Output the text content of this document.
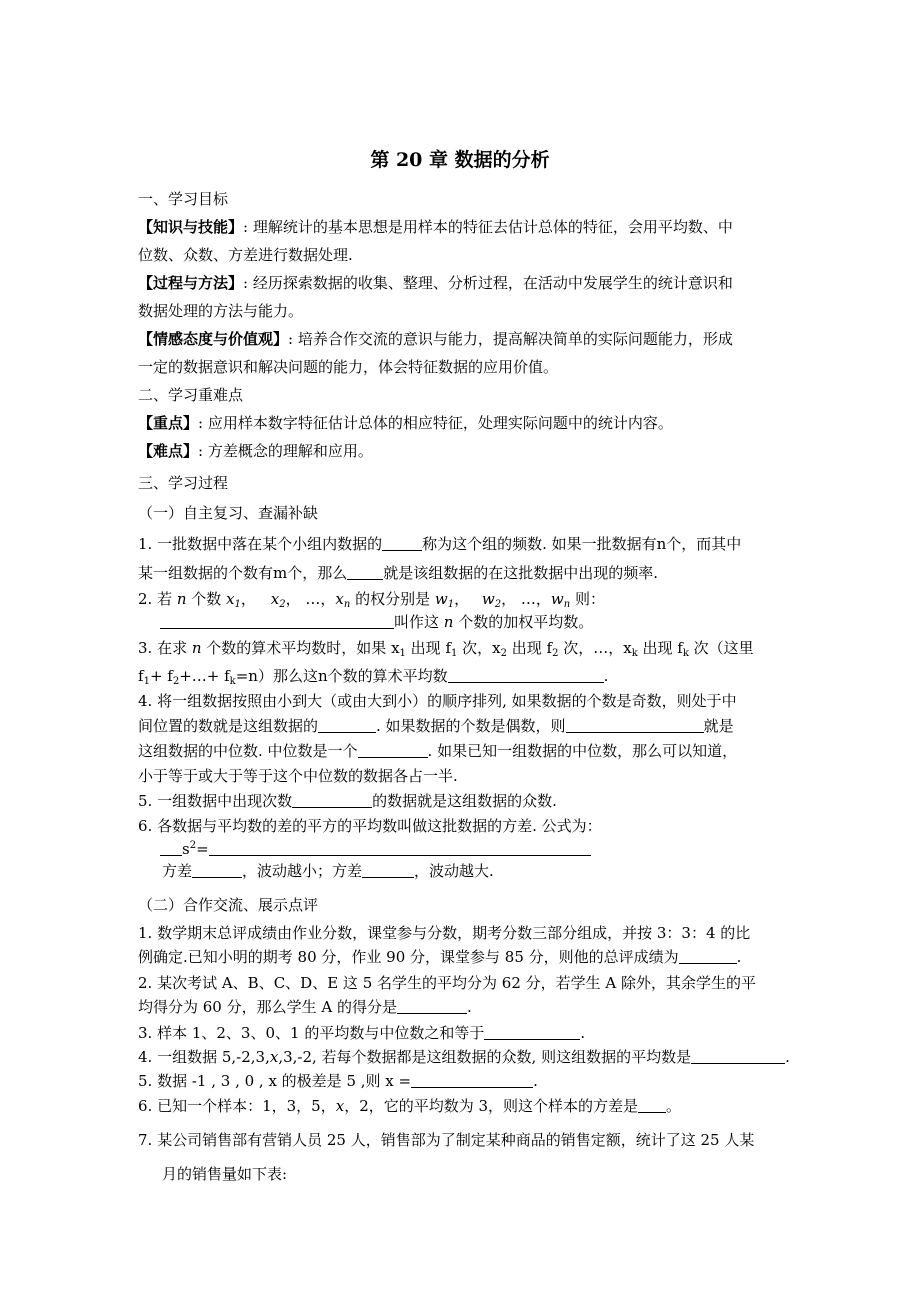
第 20 章 数据的分析
一、学习目标
【知识与技能】: 理解统计的基本思想是用样本的特征去估计总体的特征，会用平均数、中
位数、众数、方差进行数据处理.
【过程与方法】: 经历探索数据的收集、整理、分析过程，在活动中发展学生的统计意识和
数据处理的方法与能力。
【情感态度与价值观】: 培养合作交流的意识与能力，提高解决简单的实际问题能力，形成
一定的数据意识和解决问题的能力，体会特征数据的应用价值。
二、学习重难点
【重点】: 应用样本数字特征估计总体的相应特征，处理实际问题中的统计内容。
【难点】: 方差概念的理解和应用。
三、学习过程
（一）自主复习、查漏补缺
1. 一批数据中落在某个小组内数据的	称为这个组的频数. 如果一批数据有n个，而其中
某一组数据的个数有m个，那么 就是该组数据的在这批数据中出现的频率.
2. 若 n 个数 $x_1$， $x_2$， …，$x_n$ 的权分别是 $w_1$， $w_2$， …，$w_n$ 则：
叫作这 n 个数的加权平均数。
3. 在求 n 个数的算术平均数时，如果 $x_1$ 出现 $f_1$ 次，$x_2$ 出现 $f_2$ 次，…，$x_k$ 出现 $f_k$ 次（这里
$f_1+$ $f_2+\dots+ f_k=n$）那么这n个数的算术平均数	.
4. 将一组数据按照由小到大（或由大到小）的顺序排列, 如果数据的个数是奇数，则处于中
间位置的数就是这组数据的	. 如果数据的个数是偶数，则	就是
这组数据的中位数. 中位数是一个	. 如果已知一组数据的中位数，那么可以知道，
小于等于或大于等于这个中位数的数据各占一半.
5. 一组数据中出现次数	的数据就是这组数据的众数.
6. 各数据与平均数的差的平方的平均数叫做这批数据的方差. 公式为：
$s^2=$
方差	，波动越小；方差	，波动越大.
（二）合作交流、展示点评
1. 数学期末总评成绩由作业分数，课堂参与分数，期考分数三部分组成，并按 3：3：4 的比
例确定.已知小明的期考 80 分，作业 90 分，课堂参与 85 分，则他的总评成绩为	.
2. 某次考试 A、B、C、D、E 这 5 名学生的平均分为 62 分，若学生 A 除外，其余学生的平
均得分为 60 分，那么学生 A 的得分是	.
3. 样本 1、2、3、0、1 的平均数与中位数之和等于	.
4. 一组数据 5,-2,3,x,3,-2, 若每个数据都是这组数据的众数, 则这组数据的平均数是	.
5. 数据 -1 , 3 , 0 , x 的极差是 5 ,则 x =	.
6. 已知一个样本：1，3，5，x，2，它的平均数为 3，则这个样本的方差是 。
7. 某公司销售部有营销人员 25 人，销售部为了制定某种商品的销售定额，统计了这 25 人某
月的销售量如下表:
